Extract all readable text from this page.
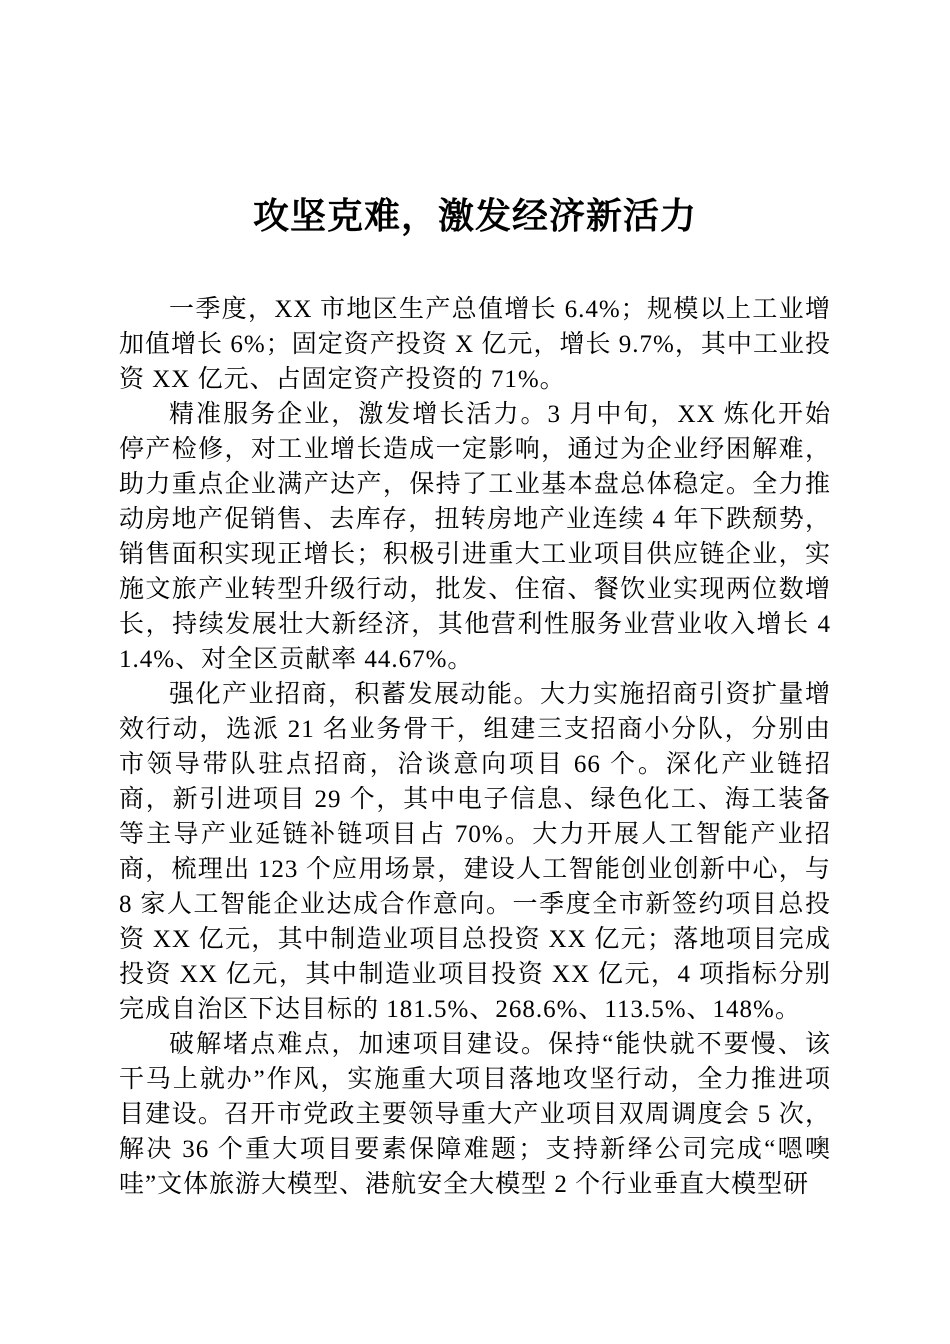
攻坚克难，激发经济新活力

一季度，XX 市地区生产总值增长 6.4%；规模以上工业增加值增长 6%；固定资产投资 X 亿元，增长 9.7%，其中工业投资 XX 亿元、占固定资产投资的 71%。

精准服务企业，激发增长活力。3 月中旬，XX 炼化开始停产检修，对工业增长造成一定影响，通过为企业纾困解难，助力重点企业满产达产，保持了工业基本盘总体稳定。全力推动房地产促销售、去库存，扭转房地产业连续 4 年下跌颓势，销售面积实现正增长；积极引进重大工业项目供应链企业，实施文旅产业转型升级行动，批发、住宿、餐饮业实现两位数增长，持续发展壮大新经济，其他营利性服务业营业收入增长 41.4%、对全区贡献率 44.67%。

强化产业招商，积蓄发展动能。大力实施招商引资扩量增效行动，选派 21 名业务骨干，组建三支招商小分队，分别由市领导带队驻点招商，洽谈意向项目 66 个。深化产业链招商，新引进项目 29 个，其中电子信息、绿色化工、海工装备等主导产业延链补链项目占 70%。大力开展人工智能产业招商，梳理出 123 个应用场景，建设人工智能创业创新中心，与 8 家人工智能企业达成合作意向。一季度全市新签约项目总投资 XX 亿元，其中制造业项目总投资 XX 亿元；落地项目完成投资 XX 亿元，其中制造业项目投资 XX 亿元，4 项指标分别完成自治区下达目标的 181.5%、268.6%、113.5%、148%。

破解堵点难点，加速项目建设。保持“能快就不要慢、该干马上就办”作风，实施重大项目落地攻坚行动，全力推进项目建设。召开市党政主要领导重大产业项目双周调度会 5 次，解决 36 个重大项目要素保障难题；支持新绎公司完成“嗯噢哇”文体旅游大模型、港航安全大模型 2 个行业垂直大模型研
